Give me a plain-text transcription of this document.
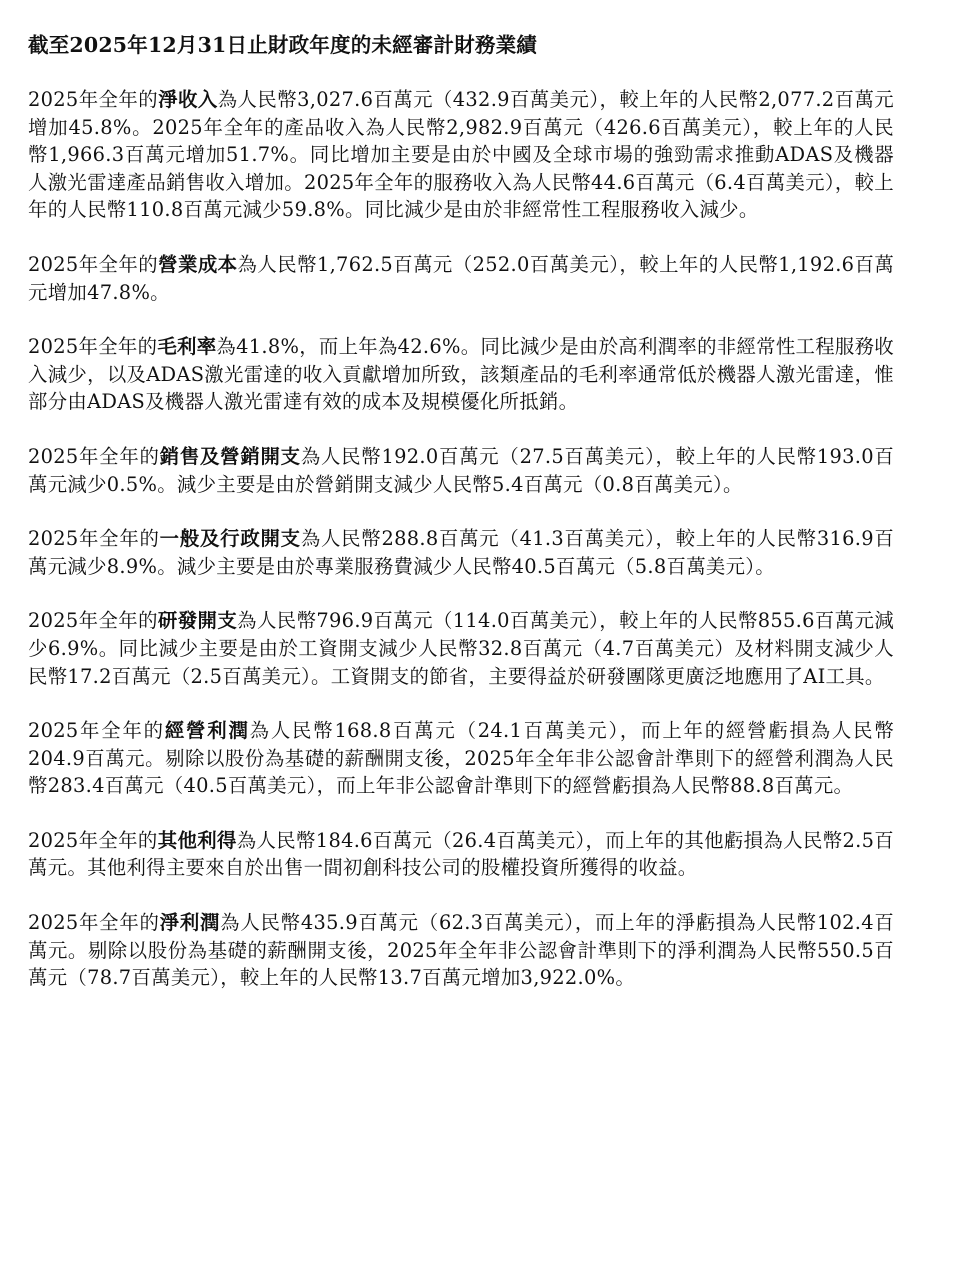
截至2025年12月31日止財政年度的未經審計財務業績

2025年全年的淨收入為人民幣3,027.6百萬元（432.9百萬美元），較上年的人民幣2,077.2百萬元增加45.8%。2025年全年的產品收入為人民幣2,982.9百萬元（426.6百萬美元），較上年的人民幣1,966.3百萬元增加51.7%。同比增加主要是由於中國及全球市場的強勁需求推動ADAS及機器人激光雷達產品銷售收入增加。2025年全年的服務收入為人民幣44.6百萬元（6.4百萬美元），較上年的人民幣110.8百萬元減少59.8%。同比減少是由於非經常性工程服務收入減少。

2025年全年的營業成本為人民幣1,762.5百萬元（252.0百萬美元），較上年的人民幣1,192.6百萬元增加47.8%。

2025年全年的毛利率為41.8%，而上年為42.6%。同比減少是由於高利潤率的非經常性工程服務收入減少，以及ADAS激光雷達的收入貢獻增加所致，該類產品的毛利率通常低於機器人激光雷達，惟部分由ADAS及機器人激光雷達有效的成本及規模優化所抵銷。

2025年全年的銷售及營銷開支為人民幣192.0百萬元（27.5百萬美元），較上年的人民幣193.0百萬元減少0.5%。減少主要是由於營銷開支減少人民幣5.4百萬元（0.8百萬美元）。

2025年全年的一般及行政開支為人民幣288.8百萬元（41.3百萬美元），較上年的人民幣316.9百萬元減少8.9%。減少主要是由於專業服務費減少人民幣40.5百萬元（5.8百萬美元）。

2025年全年的研發開支為人民幣796.9百萬元（114.0百萬美元），較上年的人民幣855.6百萬元減少6.9%。同比減少主要是由於工資開支減少人民幣32.8百萬元（4.7百萬美元）及材料開支減少人民幣17.2百萬元（2.5百萬美元）。工資開支的節省，主要得益於研發團隊更廣泛地應用了AI工具。

2025年全年的經營利潤為人民幣168.8百萬元（24.1百萬美元），而上年的經營虧損為人民幣204.9百萬元。剔除以股份為基礎的薪酬開支後，2025年全年非公認會計準則下的經營利潤為人民幣283.4百萬元（40.5百萬美元），而上年非公認會計準則下的經營虧損為人民幣88.8百萬元。

2025年全年的其他利得為人民幣184.6百萬元（26.4百萬美元），而上年的其他虧損為人民幣2.5百萬元。其他利得主要來自於出售一間初創科技公司的股權投資所獲得的收益。

2025年全年的淨利潤為人民幣435.9百萬元（62.3百萬美元），而上年的淨虧損為人民幣102.4百萬元。剔除以股份為基礎的薪酬開支後，2025年全年非公認會計準則下的淨利潤為人民幣550.5百萬元（78.7百萬美元），較上年的人民幣13.7百萬元增加3,922.0%。
